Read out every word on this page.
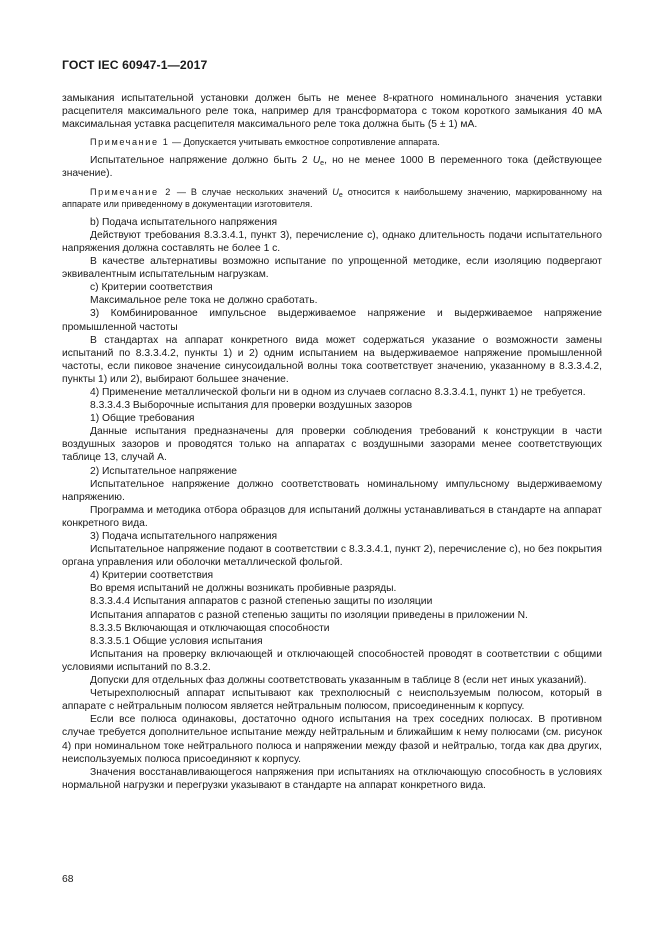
ГОСТ IEC 60947-1—2017

замыкания испытательной установки должен быть не менее 8-кратного номинального значения уставки расцепителя максимального реле тока, например для трансформатора с током короткого замыкания 40 мА максимальная уставка расцепителя максимального реле тока должна быть (5 ± 1) мА.

Примечание 1 — Допускается учитывать емкостное сопротивление аппарата.

Испытательное напряжение должно быть 2 $U_e$, но не менее 1000 В переменного тока (действующее значение).

Примечание 2 — В случае нескольких значений $U_e$ относится к наибольшему значению, маркированному на аппарате или приведенному в документации изготовителя.

b) Подача испытательного напряжения

Действуют требования 8.3.3.4.1, пункт 3), перечисление с), однако длительность подачи испытательного напряжения должна составлять не более 1 с.

В качестве альтернативы возможно испытание по упрощенной методике, если изоляцию подвергают эквивалентным испытательным нагрузкам.

с) Критерии соответствия

Максимальное реле тока не должно сработать.

3) Комбинированное импульсное выдерживаемое напряжение и выдерживаемое напряжение промышленной частоты

В стандартах на аппарат конкретного вида может содержаться указание о возможности замены испытаний по 8.3.3.4.2, пункты 1) и 2) одним испытанием на выдерживаемое напряжение промышленной частоты, если пиковое значение синусоидальной волны тока соответствует значению, указанному в 8.3.3.4.2, пункты 1) или 2), выбирают большее значение.

4) Применение металлической фольги ни в одном из случаев согласно 8.3.3.4.1, пункт 1) не требуется.

8.3.3.4.3 Выборочные испытания для проверки воздушных зазоров

1) Общие требования

Данные испытания предназначены для проверки соблюдения требований к конструкции в части воздушных зазоров и проводятся только на аппаратах с воздушными зазорами менее соответствующих таблице 13, случай А.

2) Испытательное напряжение

Испытательное напряжение должно соответствовать номинальному импульсному выдерживаемому напряжению.

Программа и методика отбора образцов для испытаний должны устанавливаться в стандарте на аппарат конкретного вида.

3) Подача испытательного напряжения

Испытательное напряжение подают в соответствии с 8.3.3.4.1, пункт 2), перечисление с), но без покрытия органа управления или оболочки металлической фольгой.

4) Критерии соответствия

Во время испытаний не должны возникать пробивные разряды.

8.3.3.4.4 Испытания аппаратов с разной степенью защиты по изоляции

Испытания аппаратов с разной степенью защиты по изоляции приведены в приложении N.

8.3.3.5 Включающая и отключающая способности

8.3.3.5.1 Общие условия испытания

Испытания на проверку включающей и отключающей способностей проводят в соответствии с общими условиями испытаний по 8.3.2.

Допуски для отдельных фаз должны соответствовать указанным в таблице 8 (если нет иных указаний).

Четырехполюсный аппарат испытывают как трехполюсный с неиспользуемым полюсом, который в аппарате с нейтральным полюсом является нейтральным полюсом, присоединенным к корпусу.

Если все полюса одинаковы, достаточно одного испытания на трех соседних полюсах. В противном случае требуется дополнительное испытание между нейтральным и ближайшим к нему полюсами (см. рисунок 4) при номинальном токе нейтрального полюса и напряжении между фазой и нейтралью, тогда как два других, неиспользуемых полюса присоединяют к корпусу.

Значения восстанавливающегося напряжения при испытаниях на отключающую способность в условиях нормальной нагрузки и перегрузки указывают в стандарте на аппарат конкретного вида.

68
